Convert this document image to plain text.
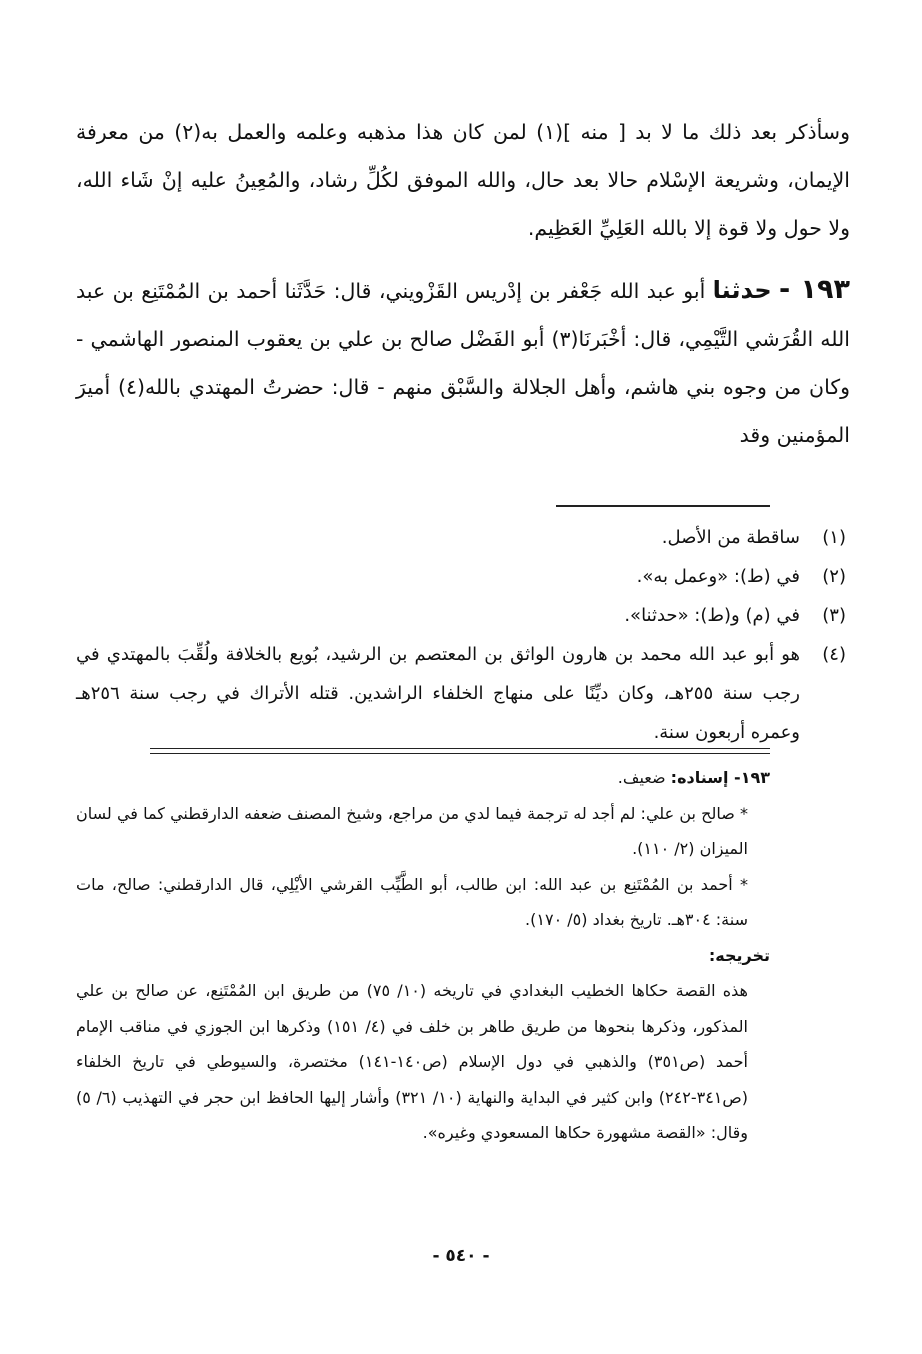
وسأذكر بعد ذلك ما لا بد [ منه ](١) لمن كان هذا مذهبه وعلمه والعمل به(٢) من معرفة الإيمان، وشريعة الإسْلام حالا بعد حال، والله الموفق لكُلِّ رشاد، والمُعِينُ عليه إنْ شَاء الله، ولا حول ولا قوة إلا بالله العَلِيِّ العَظِيم.

١٩٣ - حدثنا أبو عبد الله جَعْفر بن إدْريس القَزْويني، قال: حَدَّثَنا أحمد بن المُمْتَنِع بن عبد الله القُرَشي التَّيْمِي، قال: أخْبَرنَا(٣) أبو الفَضْل صالح بن علي بن يعقوب المنصور الهاشمي - وكان من وجوه بني هاشم، وأهل الجلالة والسَّبْق منهم - قال: حضرتُ المهتدي بالله(٤) أميرَ المؤمنين وقد

(١)
ساقطة من الأصل.
(٢)
في (ط): «وعمل به».
(٣)
في (م) و(ط): «حدثنا».
(٤)
هو أبو عبد الله محمد بن هارون الواثق بن المعتصم بن الرشيد، بُويع بالخلافة ولُقِّبَ بالمهتدي في رجب سنة ٢٥٥هـ، وكان ديِّنًا على منهاج الخلفاء الراشدين. قتله الأتراك في رجب سنة ٢٥٦هـ وعمره أربعون سنة.

١٩٣- إسناده: ضعيف.

* صالح بن علي: لم أجد له ترجمة فيما لدي من مراجع، وشيخ المصنف ضعفه الدارقطني كما في لسان الميزان (٢/ ١١٠).

* أحمد بن المُمْتَنِع بن عبد الله: ابن طالب، أبو الطَّيِّب القرشي الأيْلِي، قال الدارقطني: صالح، مات سنة: ٣٠٤هـ. تاريخ بغداد (٥/ ١٧٠).

تخريجه:

هذه القصة حكاها الخطيب البغدادي في تاريخه (١٠/ ٧٥) من طريق ابن المُمْتَنِع، عن صالح بن علي المذكور، وذكرها بنحوها من طريق طاهر بن خلف في (٤/ ١٥١) وذكرها ابن الجوزي في مناقب الإمام أحمد (ص٣٥١) والذهبي في دول الإسلام (ص١٤٠-١٤١) مختصرة، والسيوطي في تاريخ الخلفاء (ص٣٤١-٢٤٢) وابن كثير في البداية والنهاية (١٠/ ٣٢١) وأشار إليها الحافظ ابن حجر في التهذيب (٦/ ٥) وقال: «القصة مشهورة حكاها المسعودي وغيره».

- ٥٤٠ -
